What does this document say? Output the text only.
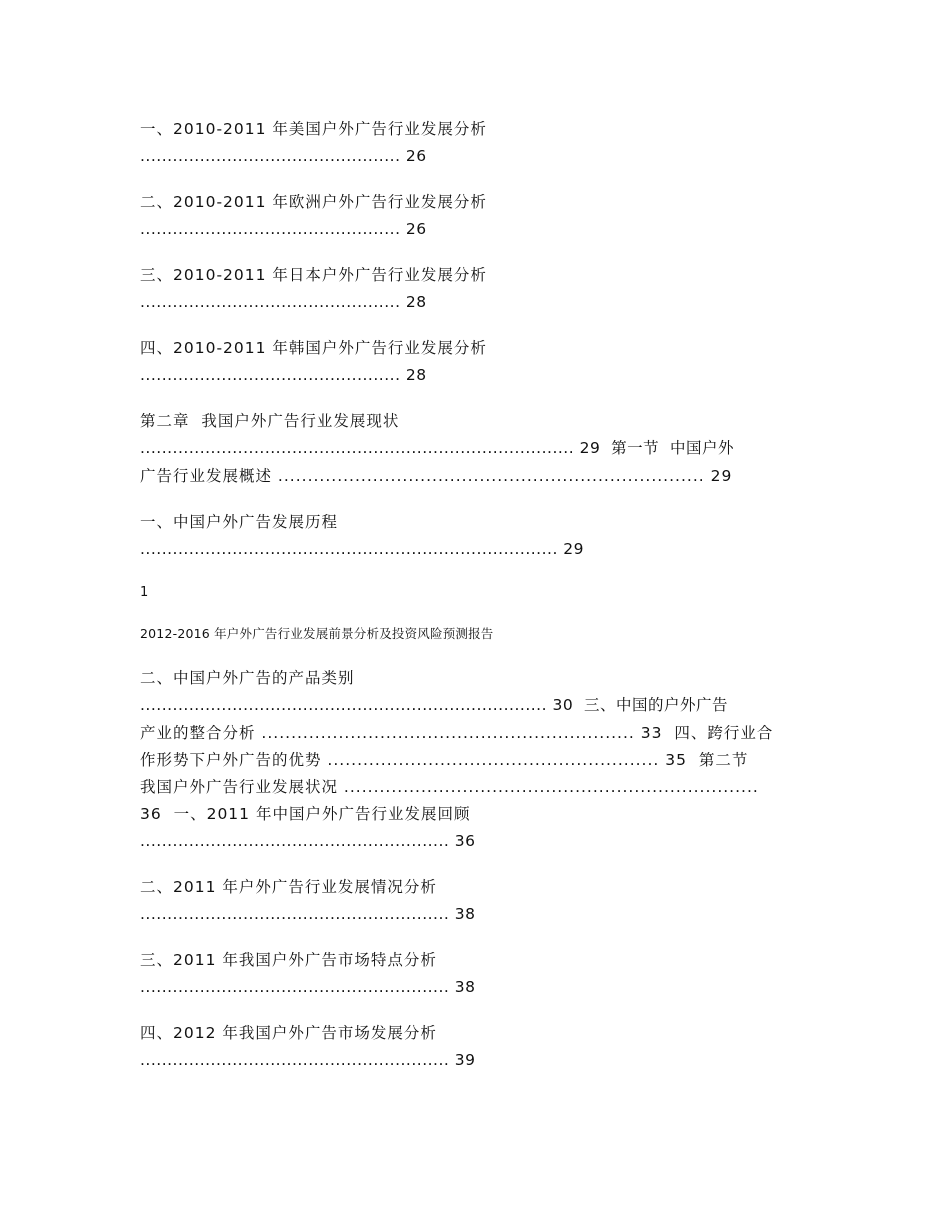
一、2010-2011 年美国户外广告行业发展分析

................................................ 26

二、2010-2011 年欧洲户外广告行业发展分析

................................................ 26

三、2010-2011 年日本户外广告行业发展分析

................................................ 28

四、2010-2011 年韩国户外广告行业发展分析

................................................ 28

第二章  我国户外广告行业发展现状

................................................................................ 29  第一节  中国户外

广告行业发展概述 ........................................................................ 29

一、中国户外广告发展历程

............................................................................. 29

1

2012-2016 年户外广告行业发展前景分析及投资风险预测报告

二、中国户外广告的产品类别

........................................................................... 30  三、中国的户外广告

产业的整合分析 ............................................................... 33  四、跨行业合

作形势下户外广告的优势 ........................................................ 35  第二节

我国户外广告行业发展状况 ......................................................................

36  一、2011 年中国户外广告行业发展回顾

......................................................... 36

二、2011 年户外广告行业发展情况分析

......................................................... 38

三、2011 年我国户外广告市场特点分析

......................................................... 38

四、2012 年我国户外广告市场发展分析

......................................................... 39
